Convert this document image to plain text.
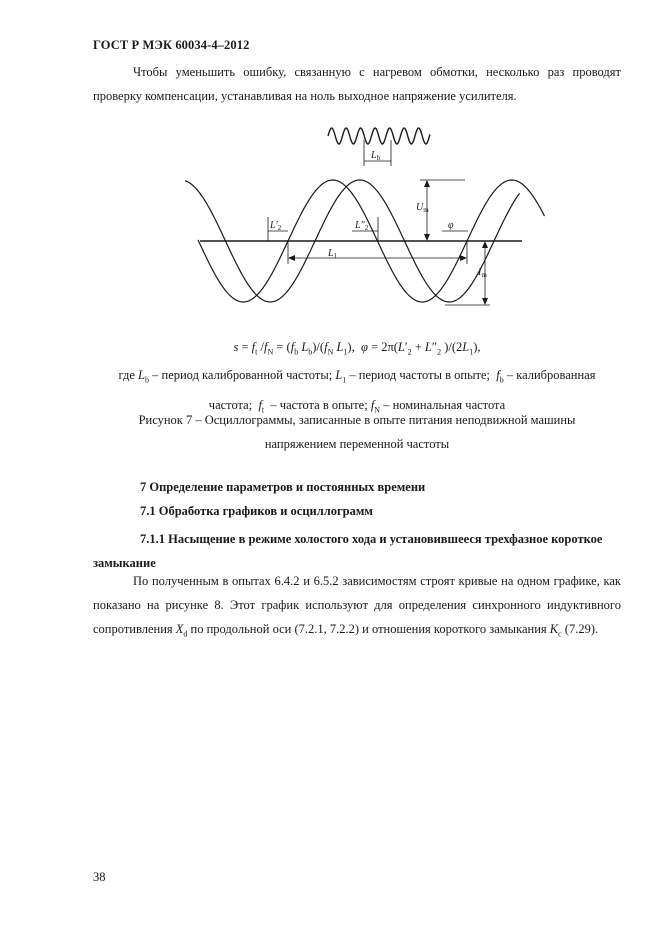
ГОСТ Р МЭК 60034-4–2012

Чтобы уменьшить ошибку, связанную с нагревом обмотки, несколько раз проводят проверку компенсации, устанавливая на ноль выходное напряжение усилителя.

$L_b$
$U_m$
$I_m$
$L'_2$	$L''_2$	φ
$L_1$
$s = f_t$ $/f_N = (f_b$ $L_b)/(f_N$ $L_1$),  $\varphi = 2\pi(L'_2 + L''_2$ )$/(2L_1)$,
где $L_b$ – период калиброванной частоты; $L_1$ – период частоты в опыте;  $f_b$ – калиброванная
частота;  $f_t$  – частота в опыте; $f_N$ – номинальная частота
Рисунок 7 – Осциллограммы, записанные в опыте питания неподвижной машины
напряжением переменной частоты
7 Определение параметров и постоянных времени
7.1 Обработка графиков и осциллограмм

7.1.1 Насыщение в режиме холостого хода и установившееся трехфазное короткое замыкание

По полученным в опытах 6.4.2 и 6.5.2 зависимостям строят кривые на одном графике, как показано на рисунке 8. Этот график используют для определения синхронного индуктивного сопротивления $X_d$ по продольной оси (7.2.1, 7.2.2) и отношения короткого замыкания $K_c$ (7.29).

38
